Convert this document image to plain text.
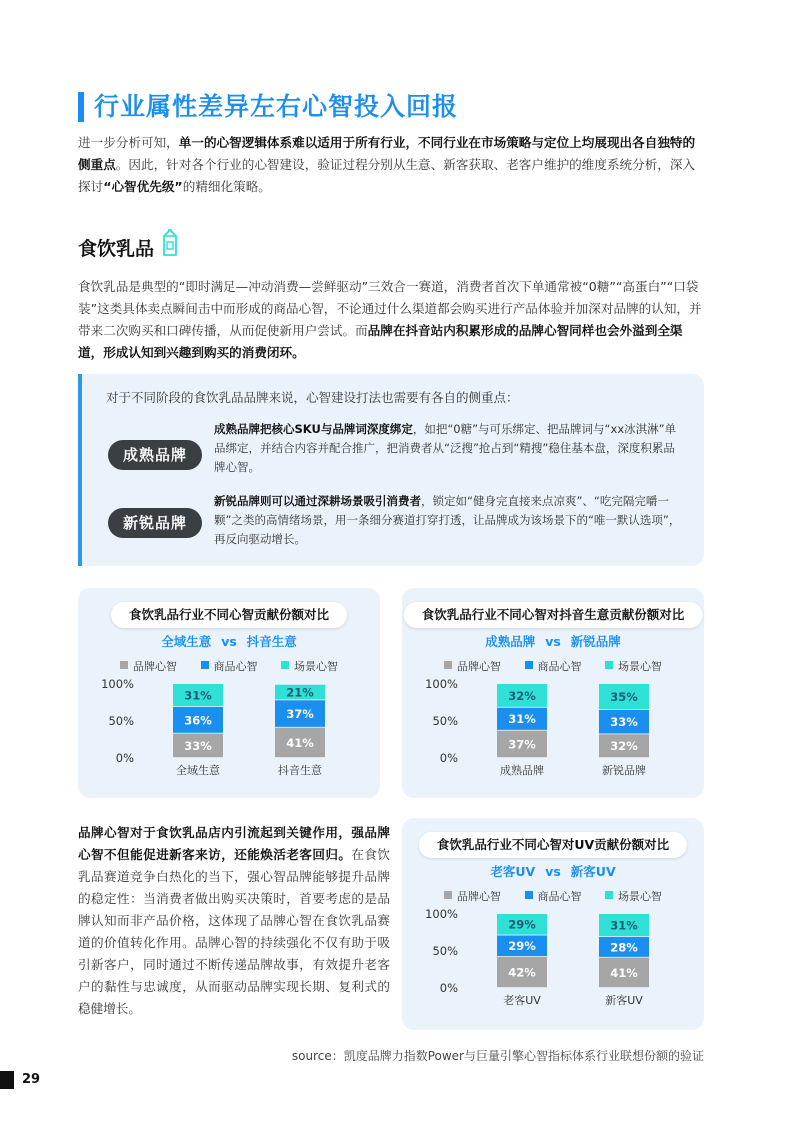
行业属性差异左右心智投入回报
进一步分析可知，单一的心智逻辑体系难以适用于所有行业，不同行业在市场策略与定位上均展现出各自独特的侧重点。因此，针对各个行业的心智建设，验证过程分别从生意、新客获取、老客户维护的维度系统分析，深入探讨“心智优先级”的精细化策略。
食饮乳品
食饮乳品是典型的“即时满足—冲动消费—尝鲜驱动”三效合一赛道，消费者首次下单通常被“0糖”“高蛋白”“口袋装”这类具体卖点瞬间击中而形成的商品心智，不论通过什么渠道都会购买进行产品体验并加深对品牌的认知，并带来二次购买和口碑传播，从而促使新用户尝试。而品牌在抖音站内积累形成的品牌心智同样也会外溢到全渠道，形成认知到兴趣到购买的消费闭环。
对于不同阶段的食饮乳品品牌来说，心智建设打法也需要有各自的侧重点：
成熟品牌
成熟品牌把核心SKU与品牌词深度绑定，如把“0糖”与可乐绑定、把品牌词与“xx冰淇淋”单品绑定，并结合内容并配合推广，把消费者从“泛搜”抢占到“精搜”稳住基本盘，深度积累品牌心智。
新锐品牌
新锐品牌则可以通过深耕场景吸引消费者，锁定如“健身完直接来点凉爽”、“吃完隔完嚼一颗”之类的高情绪场景，用一条细分赛道打穿打透，让品牌成为该场景下的“唯一默认选项”，再反向驱动增长。
食饮乳品行业不同心智贡献份额对比
全域生意 vs 抖音生意
品牌心智	商品心智	场景心智
100%
50%
0%
33%
36%
31%
全域生意
41%
37%
21%
抖音生意
食饮乳品行业不同心智对抖音生意贡献份额对比
成熟品牌 vs 新锐品牌
品牌心智	商品心智	场景心智
100%
50%
0%
37%
31%
32%
成熟品牌
32%
33%
35%
新锐品牌
品牌心智对于食饮乳品店内引流起到关键作用，强品牌心智不但能促进新客来访，还能焕活老客回归。在食饮乳品赛道竞争白热化的当下，强心智品牌能够提升品牌的稳定性：当消费者做出购买决策时，首要考虑的是品牌认知而非产品价格，这体现了品牌心智在食饮乳品赛道的价值转化作用。品牌心智的持续强化不仅有助于吸引新客户，同时通过不断传递品牌故事，有效提升老客户的黏性与忠诚度，从而驱动品牌实现长期、复利式的稳健增长。
食饮乳品行业不同心智对UV贡献份额对比
老客UV vs 新客UV
品牌心智	商品心智	场景心智
100%
50%
0%
42%
29%
29%
老客UV
41%
28%
31%
新客UV
source：凯度品牌力指数Power与巨量引擎心智指标体系行业联想份额的验证
29
